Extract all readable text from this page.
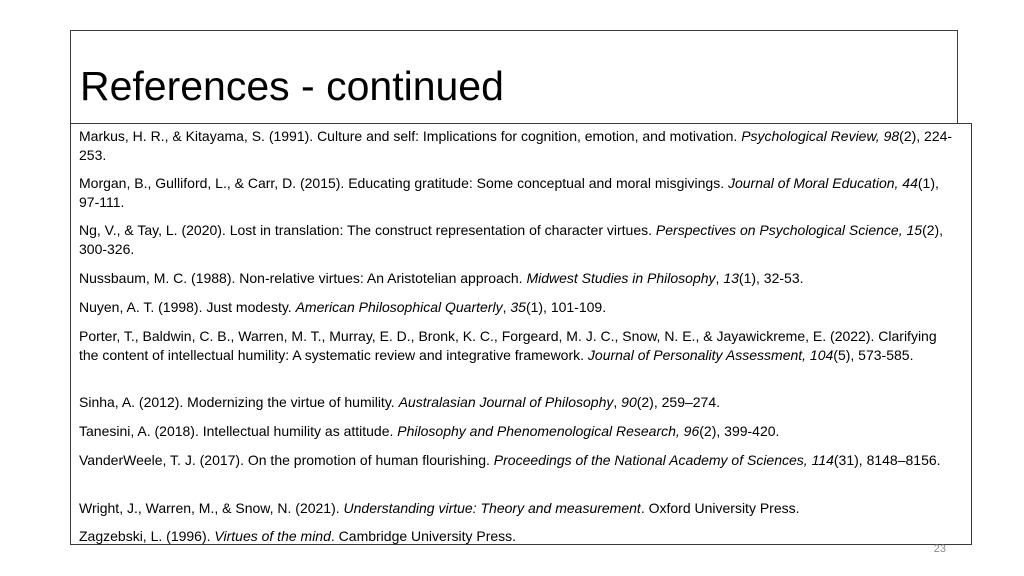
References - continued

Markus, H. R., & Kitayama, S. (1991). Culture and self: Implications for cognition, emotion, and motivation. Psychological Review, 98(2), 224-253.

Morgan, B., Gulliford, L., & Carr, D. (2015). Educating gratitude: Some conceptual and moral misgivings. Journal of Moral Education, 44(1), 97-111.

Ng, V., & Tay, L. (2020). Lost in translation: The construct representation of character virtues. Perspectives on Psychological Science, 15(2), 300-326.

Nussbaum, M. C. (1988). Non-relative virtues: An Aristotelian approach. Midwest Studies in Philosophy, 13(1), 32-53.

Nuyen, A. T. (1998). Just modesty. American Philosophical Quarterly, 35(1), 101-109.

Porter, T., Baldwin, C. B., Warren, M. T., Murray, E. D., Bronk, K. C., Forgeard, M. J. C., Snow, N. E., & Jayawickreme, E. (2022). Clarifying the content of intellectual humility: A systematic review and integrative framework. Journal of Personality Assessment, 104(5), 573-585.

Sinha, A. (2012). Modernizing the virtue of humility. Australasian Journal of Philosophy, 90(2), 259–274.

Tanesini, A. (2018). Intellectual humility as attitude. Philosophy and Phenomenological Research, 96(2), 399-420.

VanderWeele, T. J. (2017). On the promotion of human flourishing. Proceedings of the National Academy of Sciences, 114(31), 8148–8156.

Wright, J., Warren, M., & Snow, N. (2021). Understanding virtue: Theory and measurement. Oxford University Press.

Zagzebski, L. (1996). Virtues of the mind. Cambridge University Press.

23
